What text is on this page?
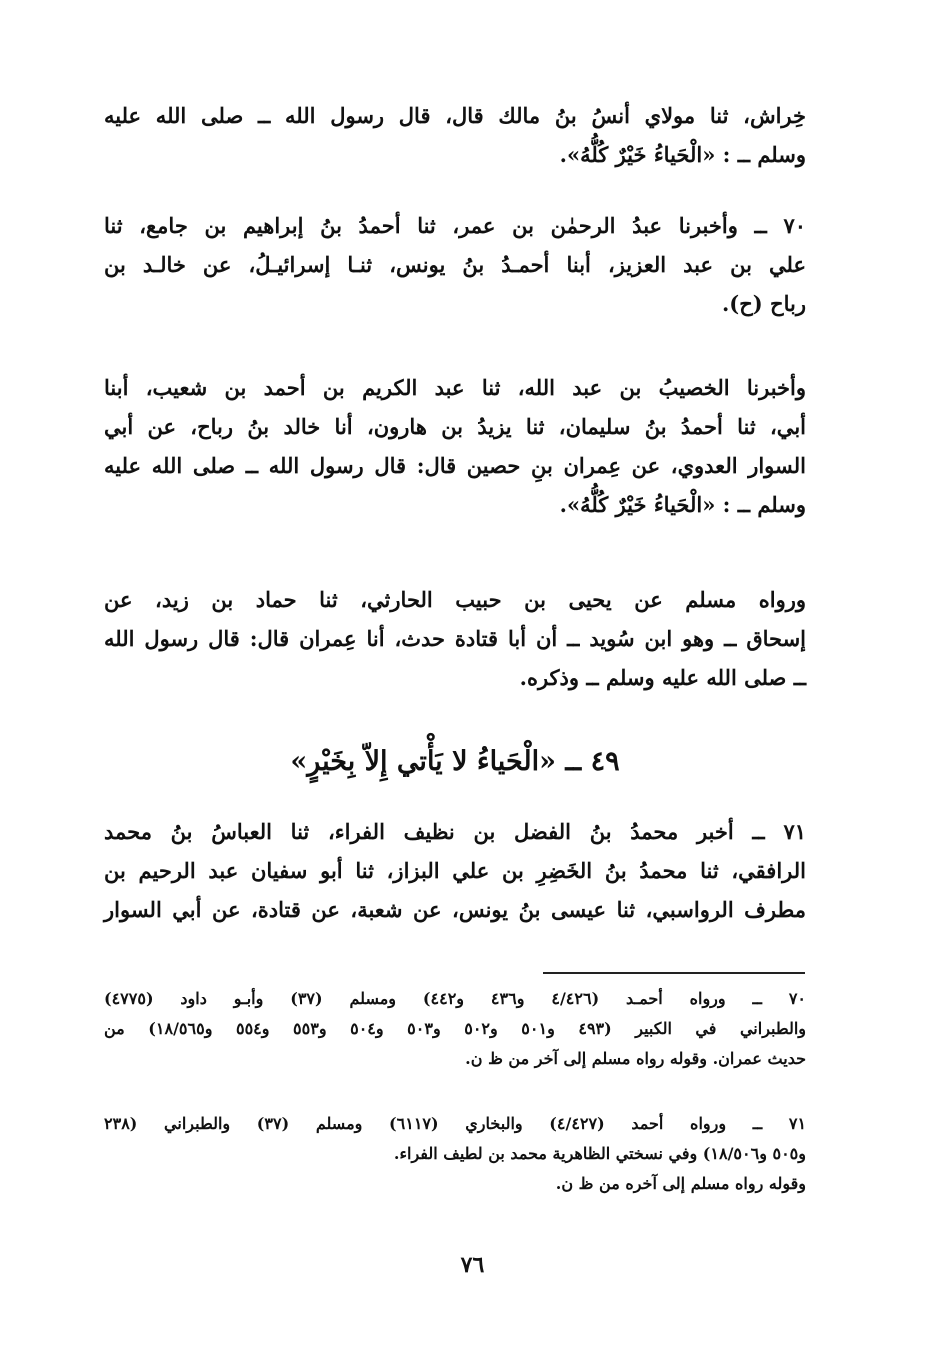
خِراش، ثنا مولاي أنسُ بنُ مالك قال، قال رسول الله ــ صلى الله عليه
وسلم ــ : «الْحَياءُ خَيْرٌ كُلُّهُ».
٧٠ ــ وأخبرنا عبدُ الرحمٰن بن عمر، ثنا أحمدُ بنُ إبراهيم بن جامع، ثنا
علي بن عبد العزيز، أبنا أحمـدُ بنُ يونس، ثنـا إسرائيـلُ، عن خالـد بن
رباح (ح).
وأخبرنا الخصيبُ بن عبد الله، ثنا عبد الكريم بن أحمد بن شعيب، أبنا
أبي، ثنا أحمدُ بنُ سليمان، ثنا يزيدُ بن هارون، أنا خالد بنُ رباح، عن أبي
السوار العدوي، عن عِمران بنِ حصين قال: قال رسول الله ــ صلى الله عليه
وسلم ــ : «الْحَياءُ خَيْرٌ كُلُّهُ».
ورواه مسلم عن يحيى بن حبيب الحارثي، ثنا حماد بن زيد، عن
إسحاق ــ وهو ابن سُويد ــ أن أبا قتادة حدث، أنا عِمران قال: قال رسول الله
ــ صلى الله عليه وسلم ــ وذكره.
٤٩ ــ «الْحَياءُ لا يَأْتي إِلاّ بِخَيْرٍ»
٧١ ــ أخبر محمدُ بنُ الفضل بن نظيف الفراء، ثنا العباسُ بنُ محمد
الرافقي، ثنا محمدُ بنُ الخَضِرِ بن علي البزاز، ثنا أبو سفيان عبد الرحيم بن
مطرف الرواسبي، ثنا عيسى بنُ يونس، عن شعبة، عن قتادة، عن أبي السوار
٧٠ ــ ورواه أحمـد (٤/٤٢٦ و٤٣٦ و٤٤٢) ومسلم (٣٧) وأبـو داود (٤٧٧٥)
والطبراني في الكبير (٤٩٣ و٥٠١ و٥٠٢ و٥٠٣ و٥٠٤ و٥٥٣ و٥٥٤ و١٨/٥٦٥) من
حديث عمران. وقوله رواه مسلم إلى آخر من ظ ن.
٧١ ــ ورواه أحمد (٤/٤٢٧) والبخاري (٦١١٧) ومسلم (٣٧) والطبراني (٢٣٨
و٥٠٥ و١٨/٥٠٦) وفي نسختي الظاهرية محمد بن لطيف الفراء.
وقوله رواه مسلم إلى آخره من ظ ن.
٧٦
